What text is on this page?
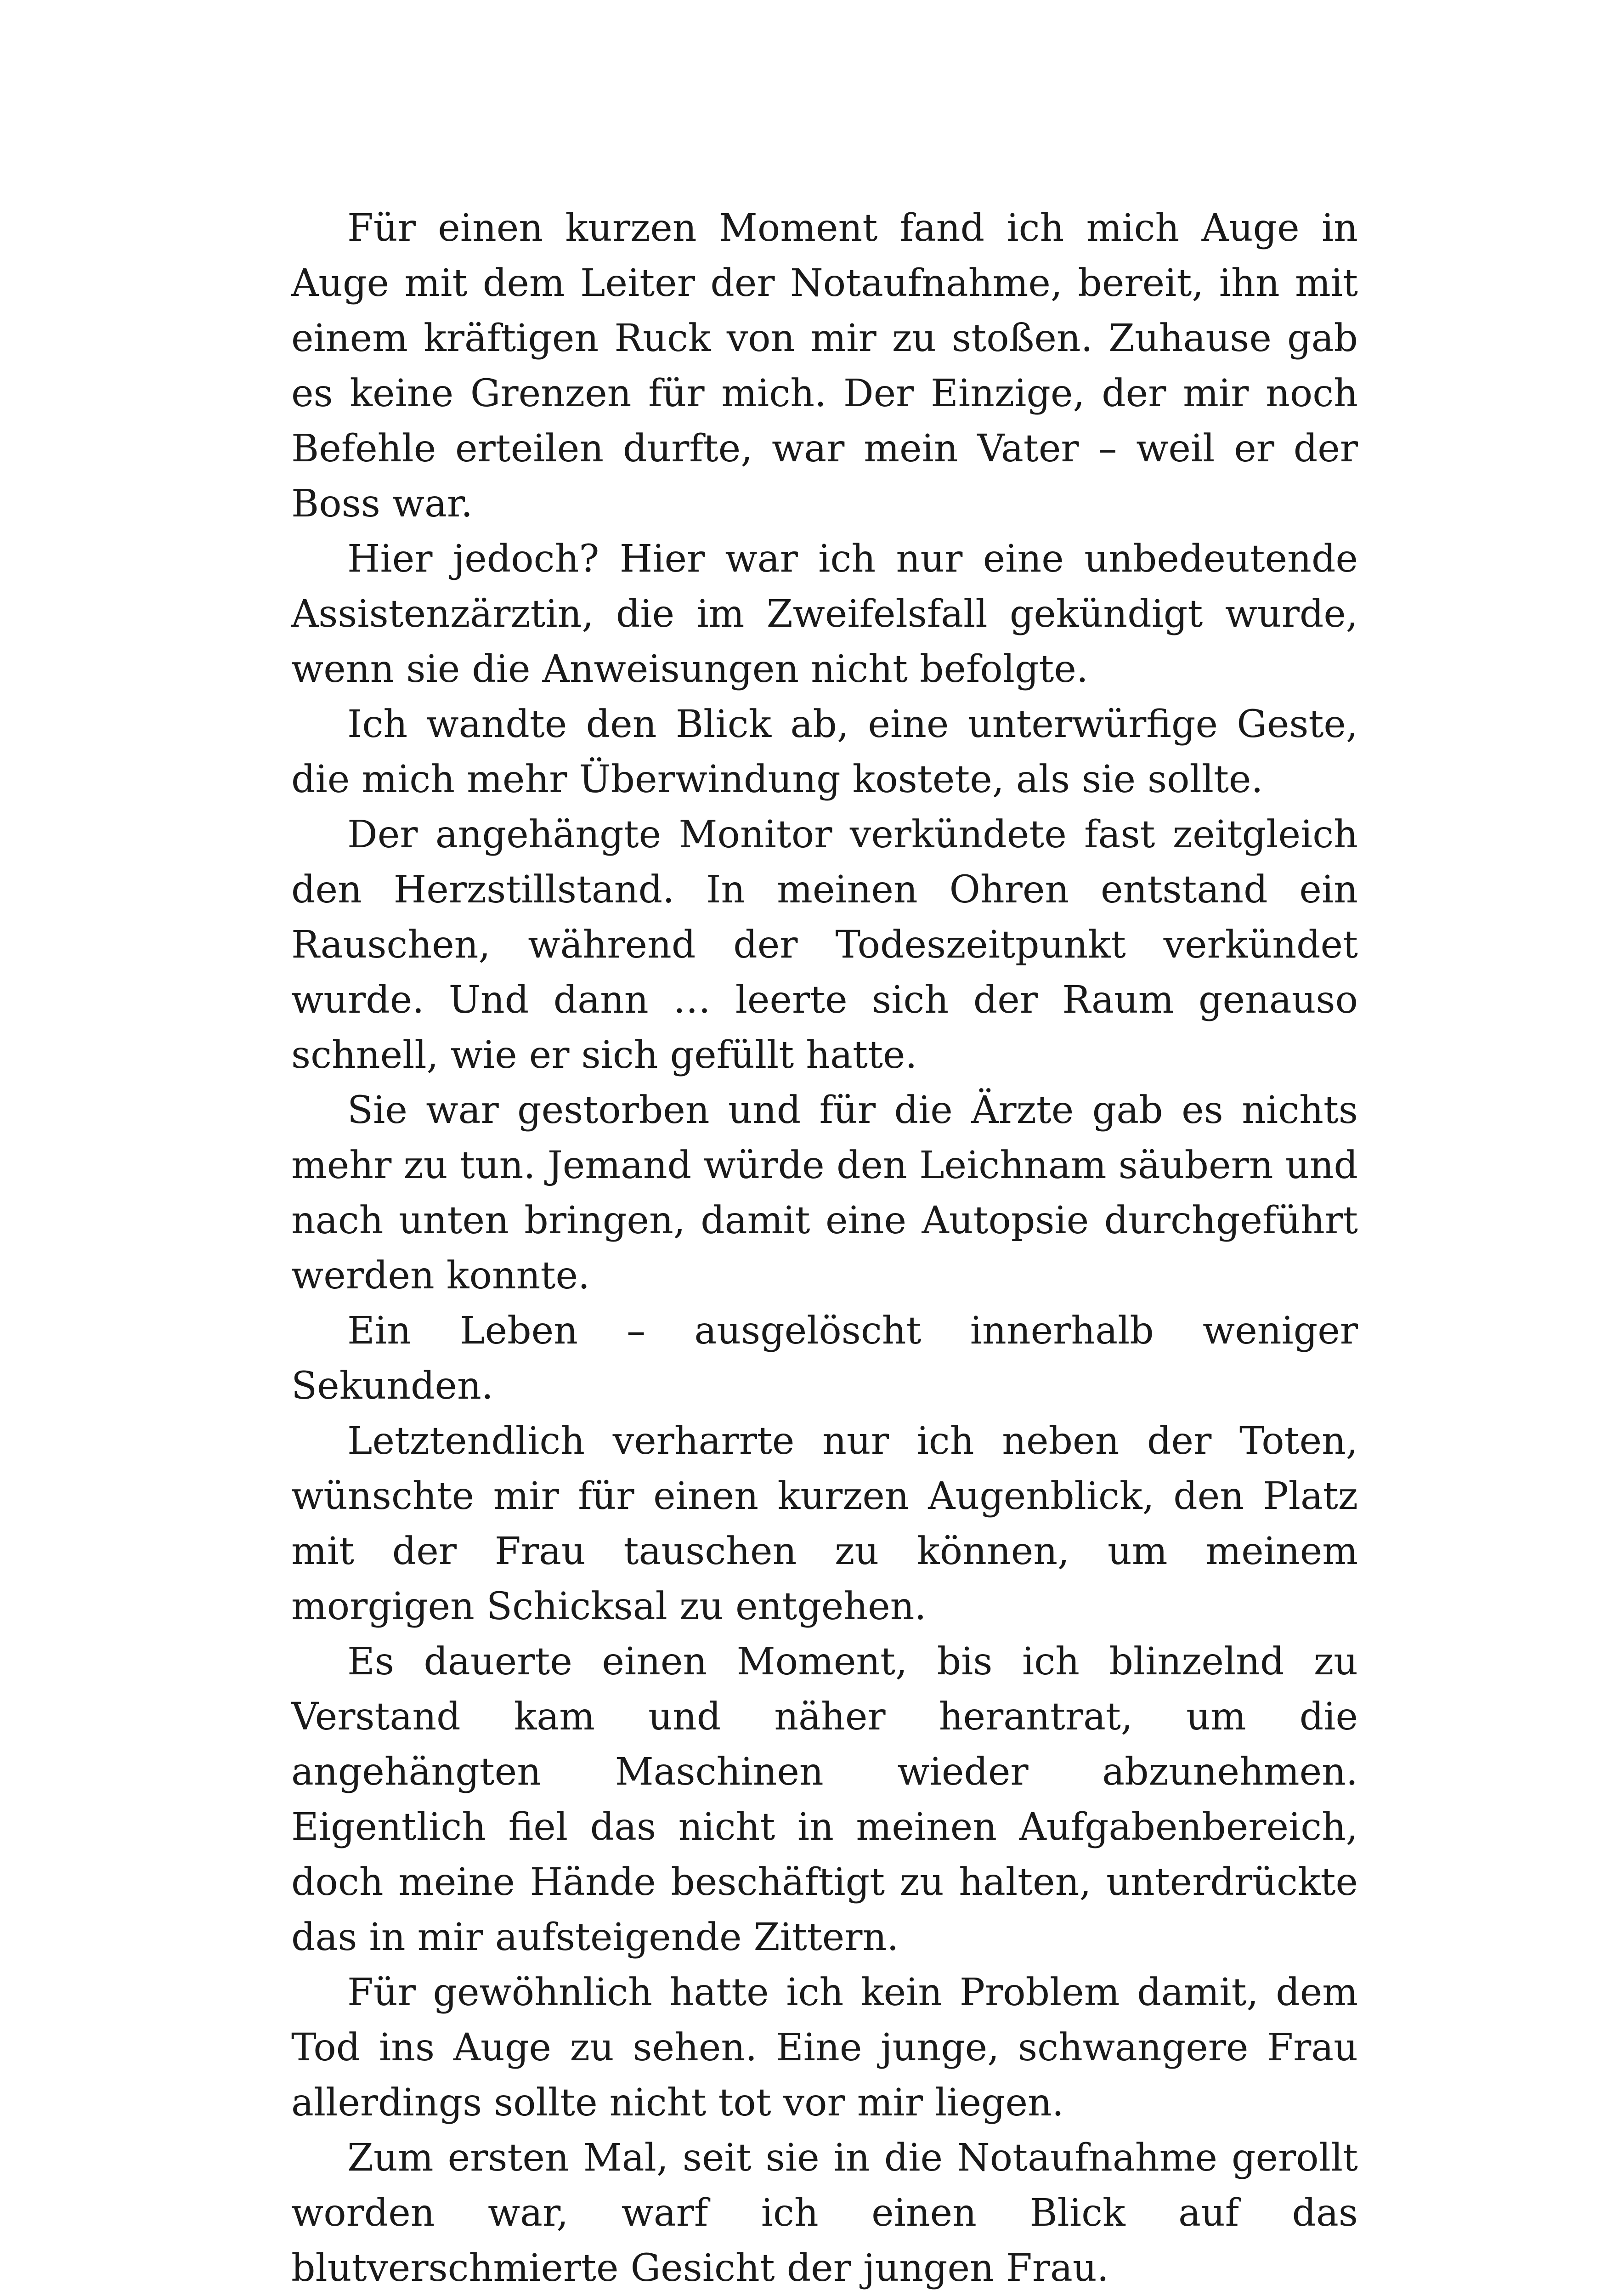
Für einen kurzen Moment fand ich mich Auge in Auge mit dem Leiter der Notaufnahme, bereit, ihn mit einem kräftigen Ruck von mir zu stoßen. Zuhause gab es keine Grenzen für mich. Der Einzige, der mir noch Befehle erteilen durfte, war mein Vater – weil er der Boss war.

Hier jedoch? Hier war ich nur eine unbedeutende Assistenzärztin, die im Zweifelsfall gekündigt wurde, wenn sie die Anweisungen nicht befolgte.

Ich wandte den Blick ab, eine unterwürfige Geste, die mich mehr Überwindung kostete, als sie sollte.

Der angehängte Monitor verkündete fast zeitgleich den Herzstillstand. In meinen Ohren entstand ein Rauschen, während der Todeszeitpunkt verkündet wurde. Und dann … leerte sich der Raum genauso schnell, wie er sich gefüllt hatte.

Sie war gestorben und für die Ärzte gab es nichts mehr zu tun. Jemand würde den Leichnam säubern und nach unten bringen, damit eine Autopsie durchgeführt werden konnte.

Ein Leben – ausgelöscht innerhalb weniger Sekunden.

Letztendlich verharrte nur ich neben der Toten, wünschte mir für einen kurzen Augenblick, den Platz mit der Frau tauschen zu können, um meinem morgigen Schicksal zu entgehen.

Es dauerte einen Moment, bis ich blinzelnd zu Verstand kam und näher herantrat, um die angehängten Maschinen wieder abzunehmen. Eigentlich fiel das nicht in meinen Aufgabenbereich, doch meine Hände beschäftigt zu halten, unterdrückte das in mir aufsteigende Zittern.

Für gewöhnlich hatte ich kein Problem damit, dem Tod ins Auge zu sehen. Eine junge, schwangere Frau allerdings sollte nicht tot vor mir liegen.

Zum ersten Mal, seit sie in die Notaufnahme gerollt worden war, warf ich einen Blick auf das blutverschmierte Gesicht der jungen Frau.
